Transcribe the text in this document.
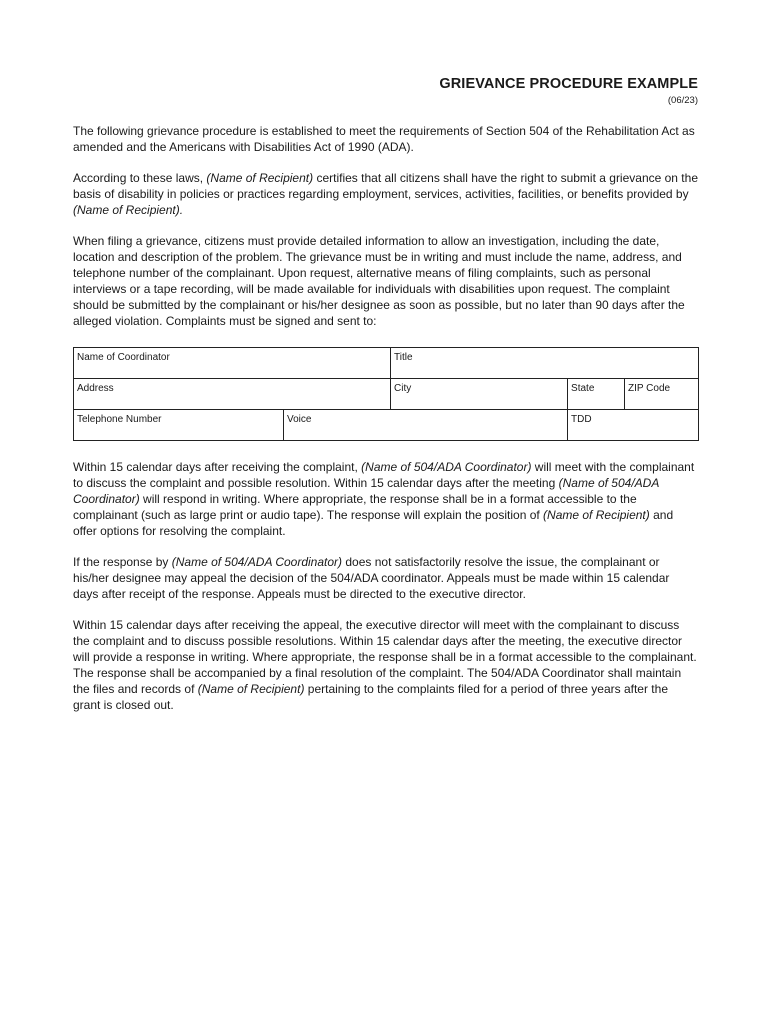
GRIEVANCE PROCEDURE EXAMPLE
(06/23)

The following grievance procedure is established to meet the requirements of Section 504 of the Rehabilitation Act as amended and the Americans with Disabilities Act of 1990 (ADA).

According to these laws, (Name of Recipient) certifies that all citizens shall have the right to submit a grievance on the basis of disability in policies or practices regarding employment, services, activities, facilities, or benefits provided by (Name of Recipient).

When filing a grievance, citizens must provide detailed information to allow an investigation, including the date, location and description of the problem. The grievance must be in writing and must include the name, address, and telephone number of the complainant. Upon request, alternative means of filing complaints, such as personal interviews or a tape recording, will be made available for individuals with disabilities upon request. The complaint should be submitted by the complainant or his/her designee as soon as possible, but no later than 90 days after the alleged violation. Complaints must be signed and sent to:

Name of Coordinator		Title		
Address		City	State	ZIP Code
Telephone Number	Voice		TDD	

Within 15 calendar days after receiving the complaint, (Name of 504/ADA Coordinator) will meet with the complainant to discuss the complaint and possible resolution. Within 15 calendar days after the meeting (Name of 504/ADA Coordinator) will respond in writing. Where appropriate, the response shall be in a format accessible to the complainant (such as large print or audio tape). The response will explain the position of (Name of Recipient) and offer options for resolving the complaint.

If the response by (Name of 504/ADA Coordinator) does not satisfactorily resolve the issue, the complainant or his/her designee may appeal the decision of the 504/ADA coordinator. Appeals must be made within 15 calendar days after receipt of the response. Appeals must be directed to the executive director.

Within 15 calendar days after receiving the appeal, the executive director will meet with the complainant to discuss the complaint and to discuss possible resolutions. Within 15 calendar days after the meeting, the executive director will provide a response in writing. Where appropriate, the response shall be in a format accessible to the complainant. The response shall be accompanied by a final resolution of the complaint. The 504/ADA Coordinator shall maintain the files and records of (Name of Recipient) pertaining to the complaints filed for a period of three years after the grant is closed out.
